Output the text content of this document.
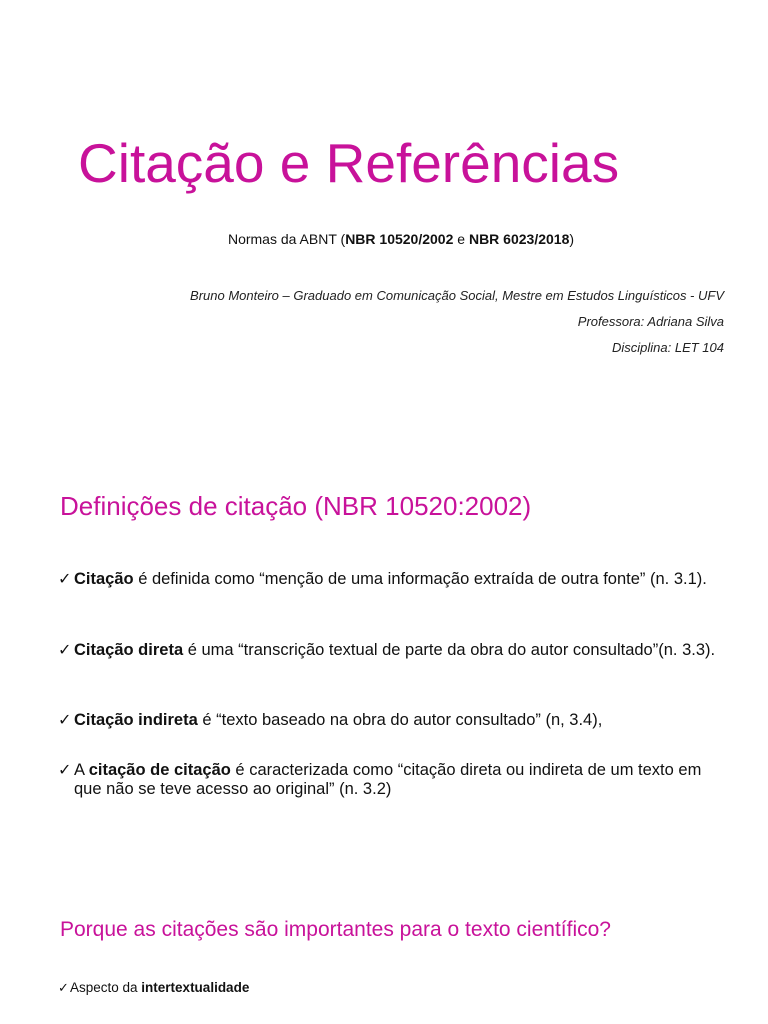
Citação e Referências

Normas da ABNT (NBR 10520/2002 e NBR 6023/2018)

Bruno Monteiro – Graduado em Comunicação Social, Mestre em Estudos Linguísticos - UFV
Professora: Adriana Silva
Disciplina: LET 104
Definições de citação (NBR 10520:2002)
✓ Citação é definida como “menção de uma informação extraída de outra fonte” (n. 3.1).
✓ Citação direta é uma “transcrição textual de parte da obra do autor consultado”(n. 3.3).
✓ Citação indireta é “texto baseado na obra do autor consultado” (n, 3.4),
✓ A citação de citação é caracterizada como “citação direta ou indireta de um texto em que não se teve acesso ao original” (n. 3.2)
Porque as citações são importantes para o texto científico?
✓ Aspecto da intertextualidade
